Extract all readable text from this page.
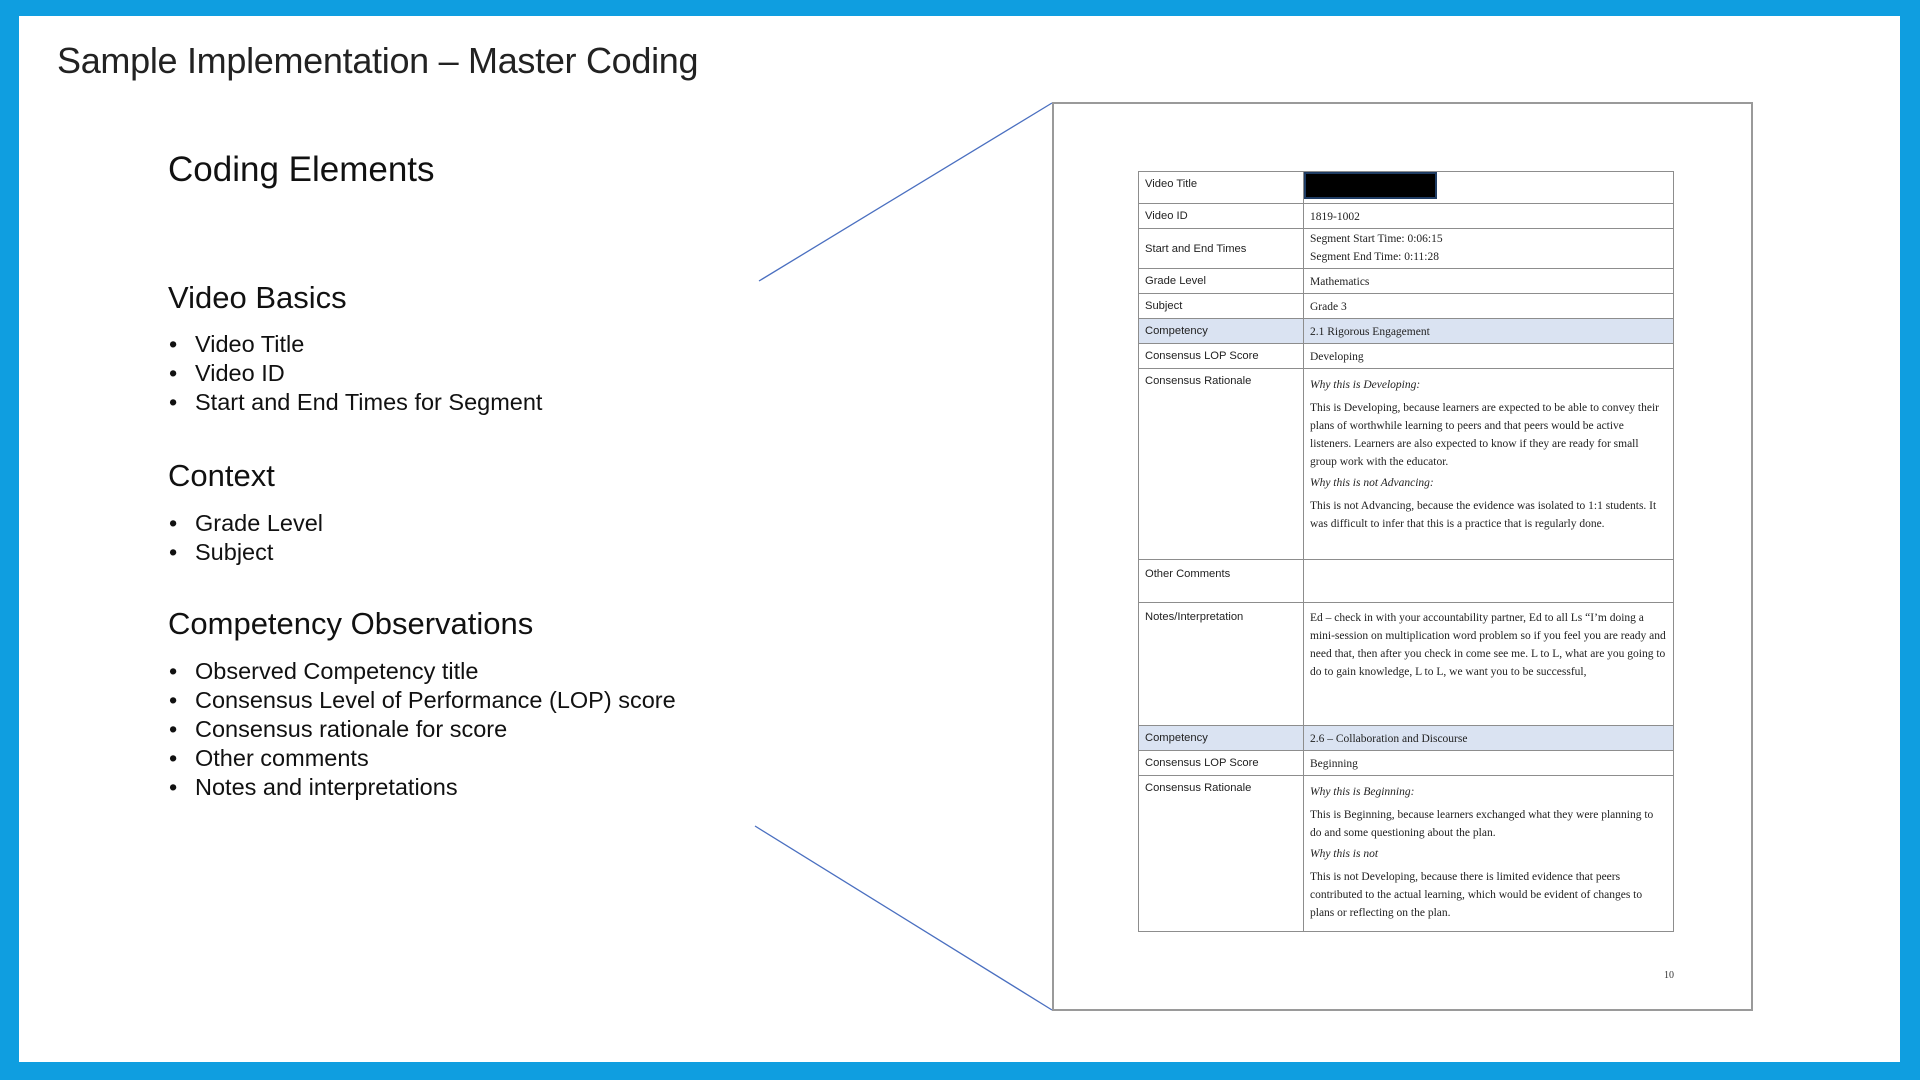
Sample Implementation – Master Coding
Coding Elements
Video Basics
• Video Title
• Video ID
• Start and End Times for Segment
Context
• Grade Level
• Subject
Competency Observations
• Observed Competency title
• Consensus Level of Performance (LOP) score
• Consensus rationale for score
• Other comments
• Notes and interpretations
Video Title	
Video ID	1819-1002
Start and End Times	Segment Start Time: 0:06:15

Segment End Time: 0:11:28

Grade Level	Mathematics
Subject	Grade 3
Competency	2.1 Rigorous Engagement
Consensus LOP Score	Developing
Consensus Rationale	Why this is Developing:

This is Developing, because learners are expected to be able to convey their plans of worthwhile learning to peers and that peers would be active listeners. Learners are also expected to know if they are ready for small group work with the educator.

Why this is not Advancing:

This is not Advancing, because the evidence was isolated to 1:1 students. It was difficult to infer that this is a practice that is regularly done.

Other Comments	
Notes/Interpretation	Ed – check in with your accountability partner, Ed to all Ls “I’m doing a mini-session on multiplication word problem so if you feel you are ready and need that, then after you check in come see me. L to L, what are you going to do to gain knowledge, L to L, we want you to be successful,
Competency	2.6 – Collaboration and Discourse
Consensus LOP Score	Beginning
Consensus Rationale	Why this is Beginning:

This is Beginning, because learners exchanged what they were planning to do and some questioning about the plan.

Why this is not

This is not Developing, because there is limited evidence that peers contributed to the actual learning, which would be evident of changes to plans or reflecting on the plan.

10
